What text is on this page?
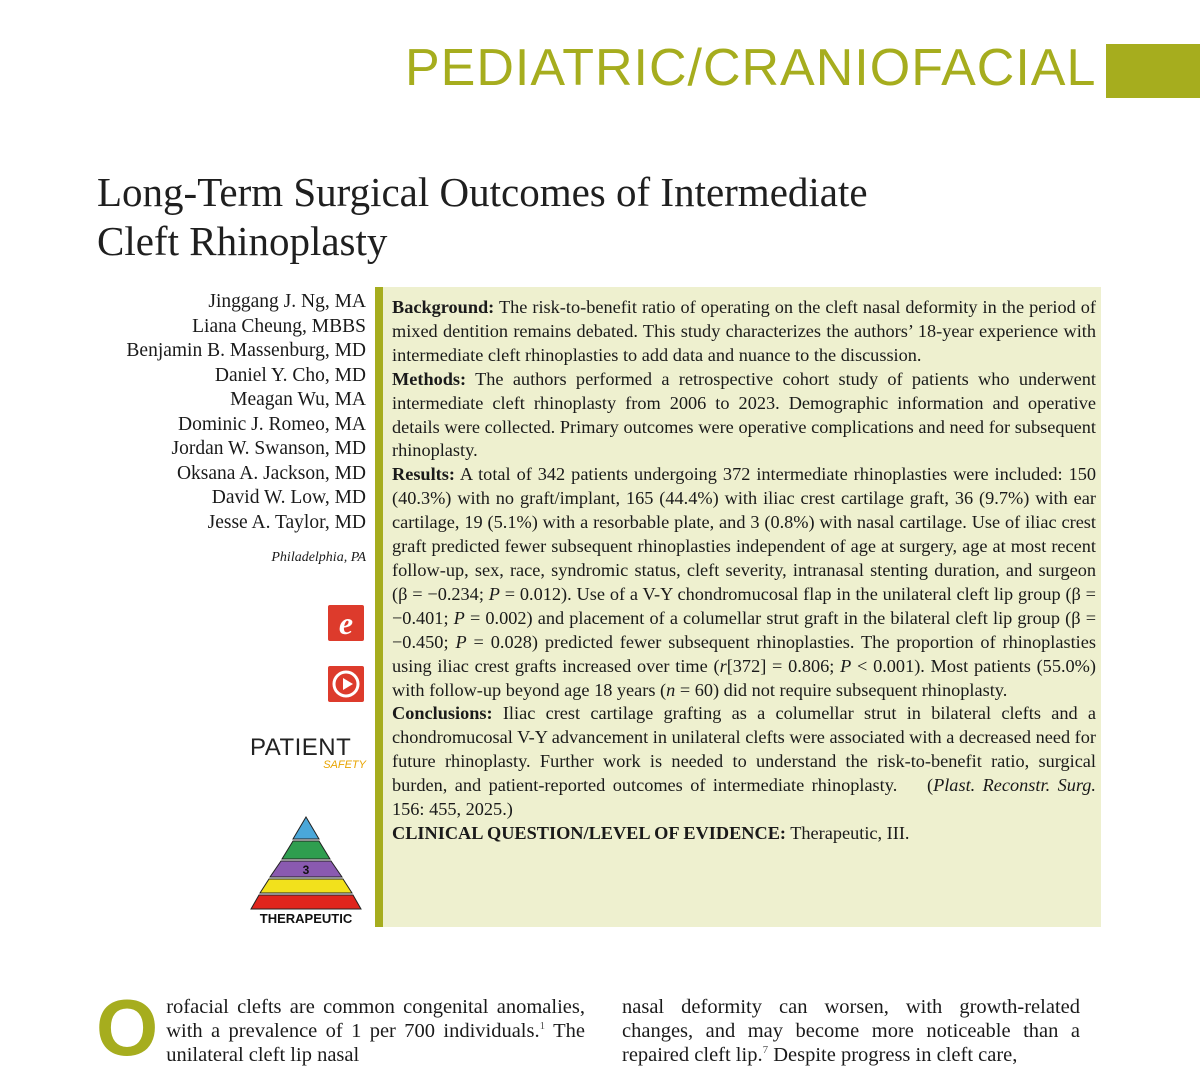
PEDIATRIC/CRANIOFACIAL
Long-Term Surgical Outcomes of Intermediate
Cleft Rhinoplasty
Jinggang J. Ng, MA
Liana Cheung, MBBS
Benjamin B. Massenburg, MD
Daniel Y. Cho, MD
Meagan Wu, MA
Dominic J. Romeo, MA
Jordan W. Swanson, MD
Oksana A. Jackson, MD
David W. Low, MD
Jesse A. Taylor, MD
Philadelphia, PA
e
PATIENT
SAFETY
3
THERAPEUTIC

Background: The risk-to-benefit ratio of operating on the cleft nasal deformity in the period of mixed dentition remains debated. This study characterizes the authors’ 18-year experience with intermediate cleft rhinoplasties to add data and nuance to the discussion.

Methods: The authors performed a retrospective cohort study of patients who underwent intermediate cleft rhinoplasty from 2006 to 2023. Demographic information and operative details were collected. Primary outcomes were operative complications and need for subsequent rhinoplasty.

Results: A total of 342 patients undergoing 372 intermediate rhinoplasties were included: 150 (40.3%) with no graft/implant, 165 (44.4%) with iliac crest cartilage graft, 36 (9.7%) with ear cartilage, 19 (5.1%) with a resorbable plate, and 3 (0.8%) with nasal cartilage. Use of iliac crest graft predicted fewer subsequent rhinoplasties independent of age at surgery, age at most recent follow-up, sex, race, syndromic status, cleft severity, intranasal stenting duration, and surgeon (β = −0.234; P = 0.012). Use of a V-Y chondromucosal flap in the unilateral cleft lip group (β = −0.401; P = 0.002) and placement of a columellar strut graft in the bilateral cleft lip group (β = −0.450; P = 0.028) predicted fewer subsequent rhinoplasties. The proportion of rhinoplasties using iliac crest grafts increased over time (r[372] = 0.806; P < 0.001). Most patients (55.0%) with follow-up beyond age 18 years (n = 60) did not require subsequent rhinoplasty.

Conclusions: Iliac crest cartilage grafting as a columellar strut in bilateral clefts and a chondromucosal V-Y advancement in unilateral clefts were associated with a decreased need for future rhinoplasty. Further work is needed to understand the risk-to-benefit ratio, surgical burden, and patient-reported outcomes of intermediate rhinoplasty. (Plast. Reconstr. Surg. 156: 455, 2025.)

CLINICAL QUESTION/LEVEL OF EVIDENCE: Therapeutic, III.

Orofacial clefts are common congenital anomalies, with a prevalence of 1 per 700 individuals.$^1$ The unilateral cleft lip nasal
nasal deformity can worsen, with growth-related changes, and may become more noticeable than a repaired cleft lip.$^7$ Despite progress in cleft care,
